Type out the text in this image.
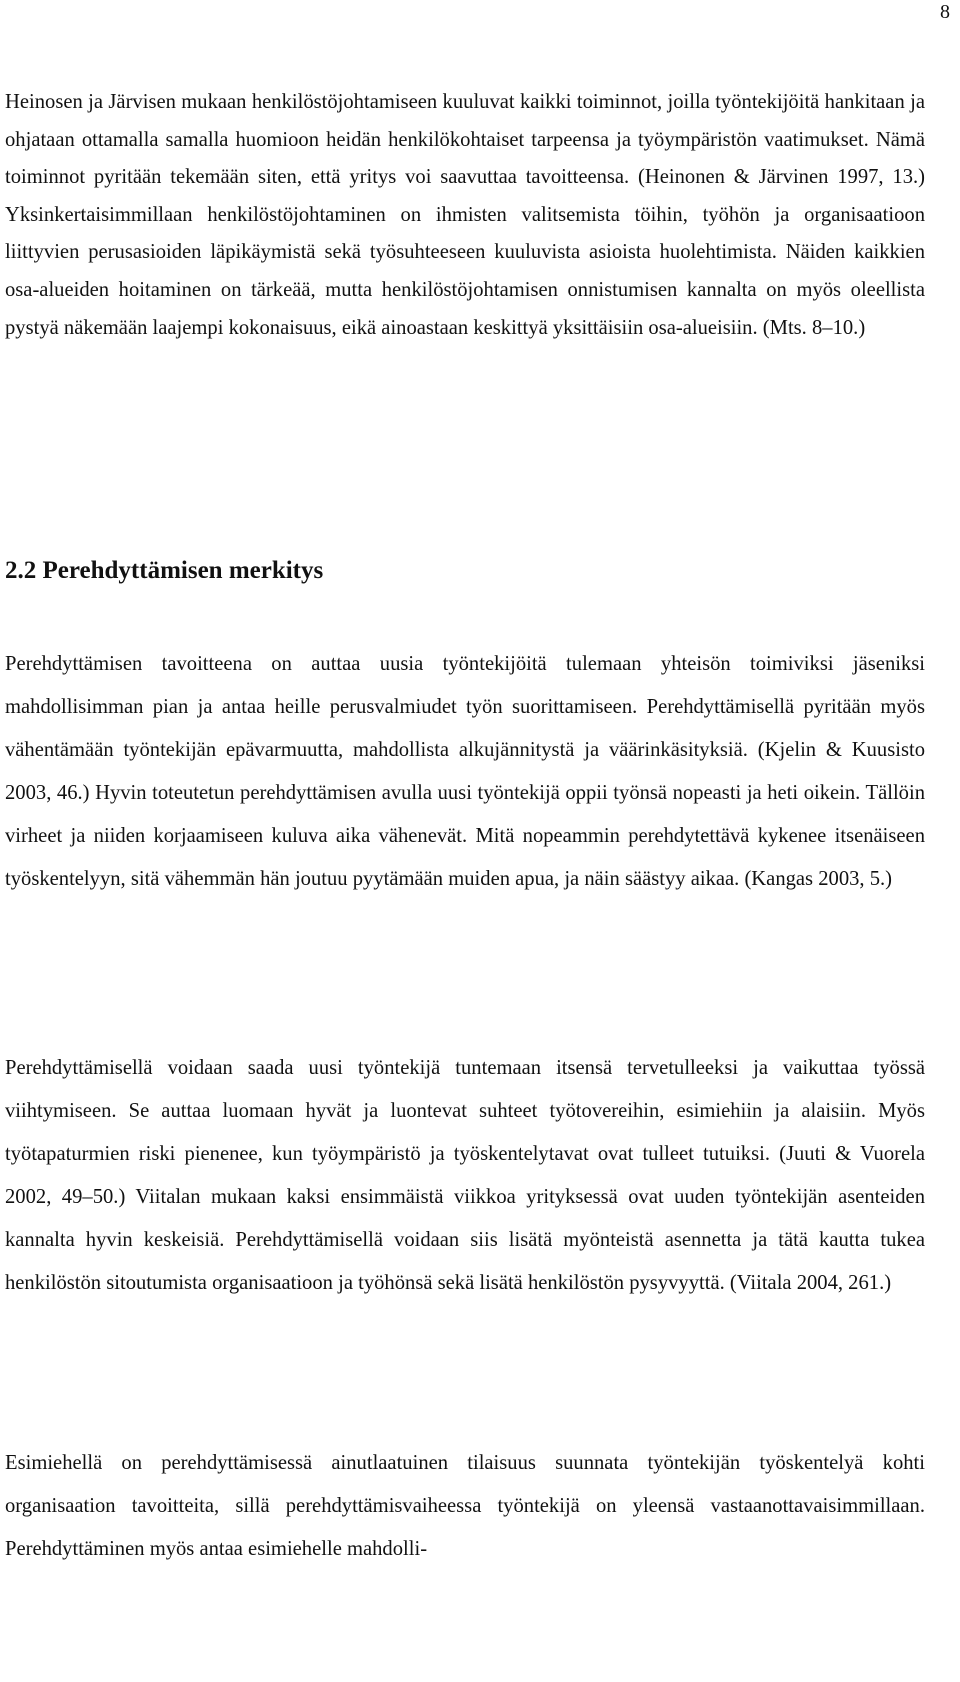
8

Heinosen ja Järvisen mukaan henkilöstöjohtamiseen kuuluvat kaikki toiminnot, joilla työntekijöitä hankitaan ja ohjataan ottamalla samalla huomioon heidän henkilökohtaiset tarpeensa ja työympäristön vaatimukset. Nämä toiminnot pyritään tekemään siten, että yritys voi saavuttaa tavoitteensa. (Heinonen & Järvinen 1997, 13.) Yksinkertaisimmillaan henkilöstöjohtaminen on ihmisten valitsemista töihin, työhön ja organisaatioon liittyvien perusasioiden läpikäymistä sekä työsuhteeseen kuuluvista asioista huolehtimista. Näiden kaikkien osa-alueiden hoitaminen on tärkeää, mutta henkilöstöjohtamisen onnistumisen kannalta on myös oleellista pystyä näkemään laajempi kokonaisuus, eikä ainoastaan keskittyä yksittäisiin osa-alueisiin. (Mts. 8–10.)

2.2 Perehdyttämisen merkitys

Perehdyttämisen tavoitteena on auttaa uusia työntekijöitä tulemaan yhteisön toimiviksi jäseniksi mahdollisimman pian ja antaa heille perusvalmiudet työn suorittamiseen. Perehdyttämisellä pyritään myös vähentämään työntekijän epävarmuutta, mahdollista alkujännitystä ja väärinkäsityksiä. (Kjelin & Kuusisto 2003, 46.) Hyvin toteutetun perehdyttämisen avulla uusi työntekijä oppii työnsä nopeasti ja heti oikein. Tällöin virheet ja niiden korjaamiseen kuluva aika vähenevät. Mitä nopeammin perehdytettävä kykenee itsenäiseen työskentelyyn, sitä vähemmän hän joutuu pyytämään muiden apua, ja näin säästyy aikaa. (Kangas 2003, 5.)

Perehdyttämisellä voidaan saada uusi työntekijä tuntemaan itsensä tervetulleeksi ja vaikuttaa työssä viihtymiseen. Se auttaa luomaan hyvät ja luontevat suhteet työtovereihin, esimiehiin ja alaisiin. Myös työtapaturmien riski pienenee, kun työympäristö ja työskentelytavat ovat tulleet tutuiksi. (Juuti & Vuorela 2002, 49–50.) Viitalan mukaan kaksi ensimmäistä viikkoa yrityksessä ovat uuden työntekijän asenteiden kannalta hyvin keskeisiä. Perehdyttämisellä voidaan siis lisätä myönteistä asennetta ja tätä kautta tukea henkilöstön sitoutumista organisaatioon ja työhönsä sekä lisätä henkilöstön pysyvyyttä. (Viitala 2004, 261.)

Esimiehellä on perehdyttämisessä ainutlaatuinen tilaisuus suunnata työntekijän työskentelyä kohti organisaation tavoitteita, sillä perehdyttämisvaiheessa työntekijä on yleensä vastaanottavaisimmillaan. Perehdyttäminen myös antaa esimiehelle mahdolli-
